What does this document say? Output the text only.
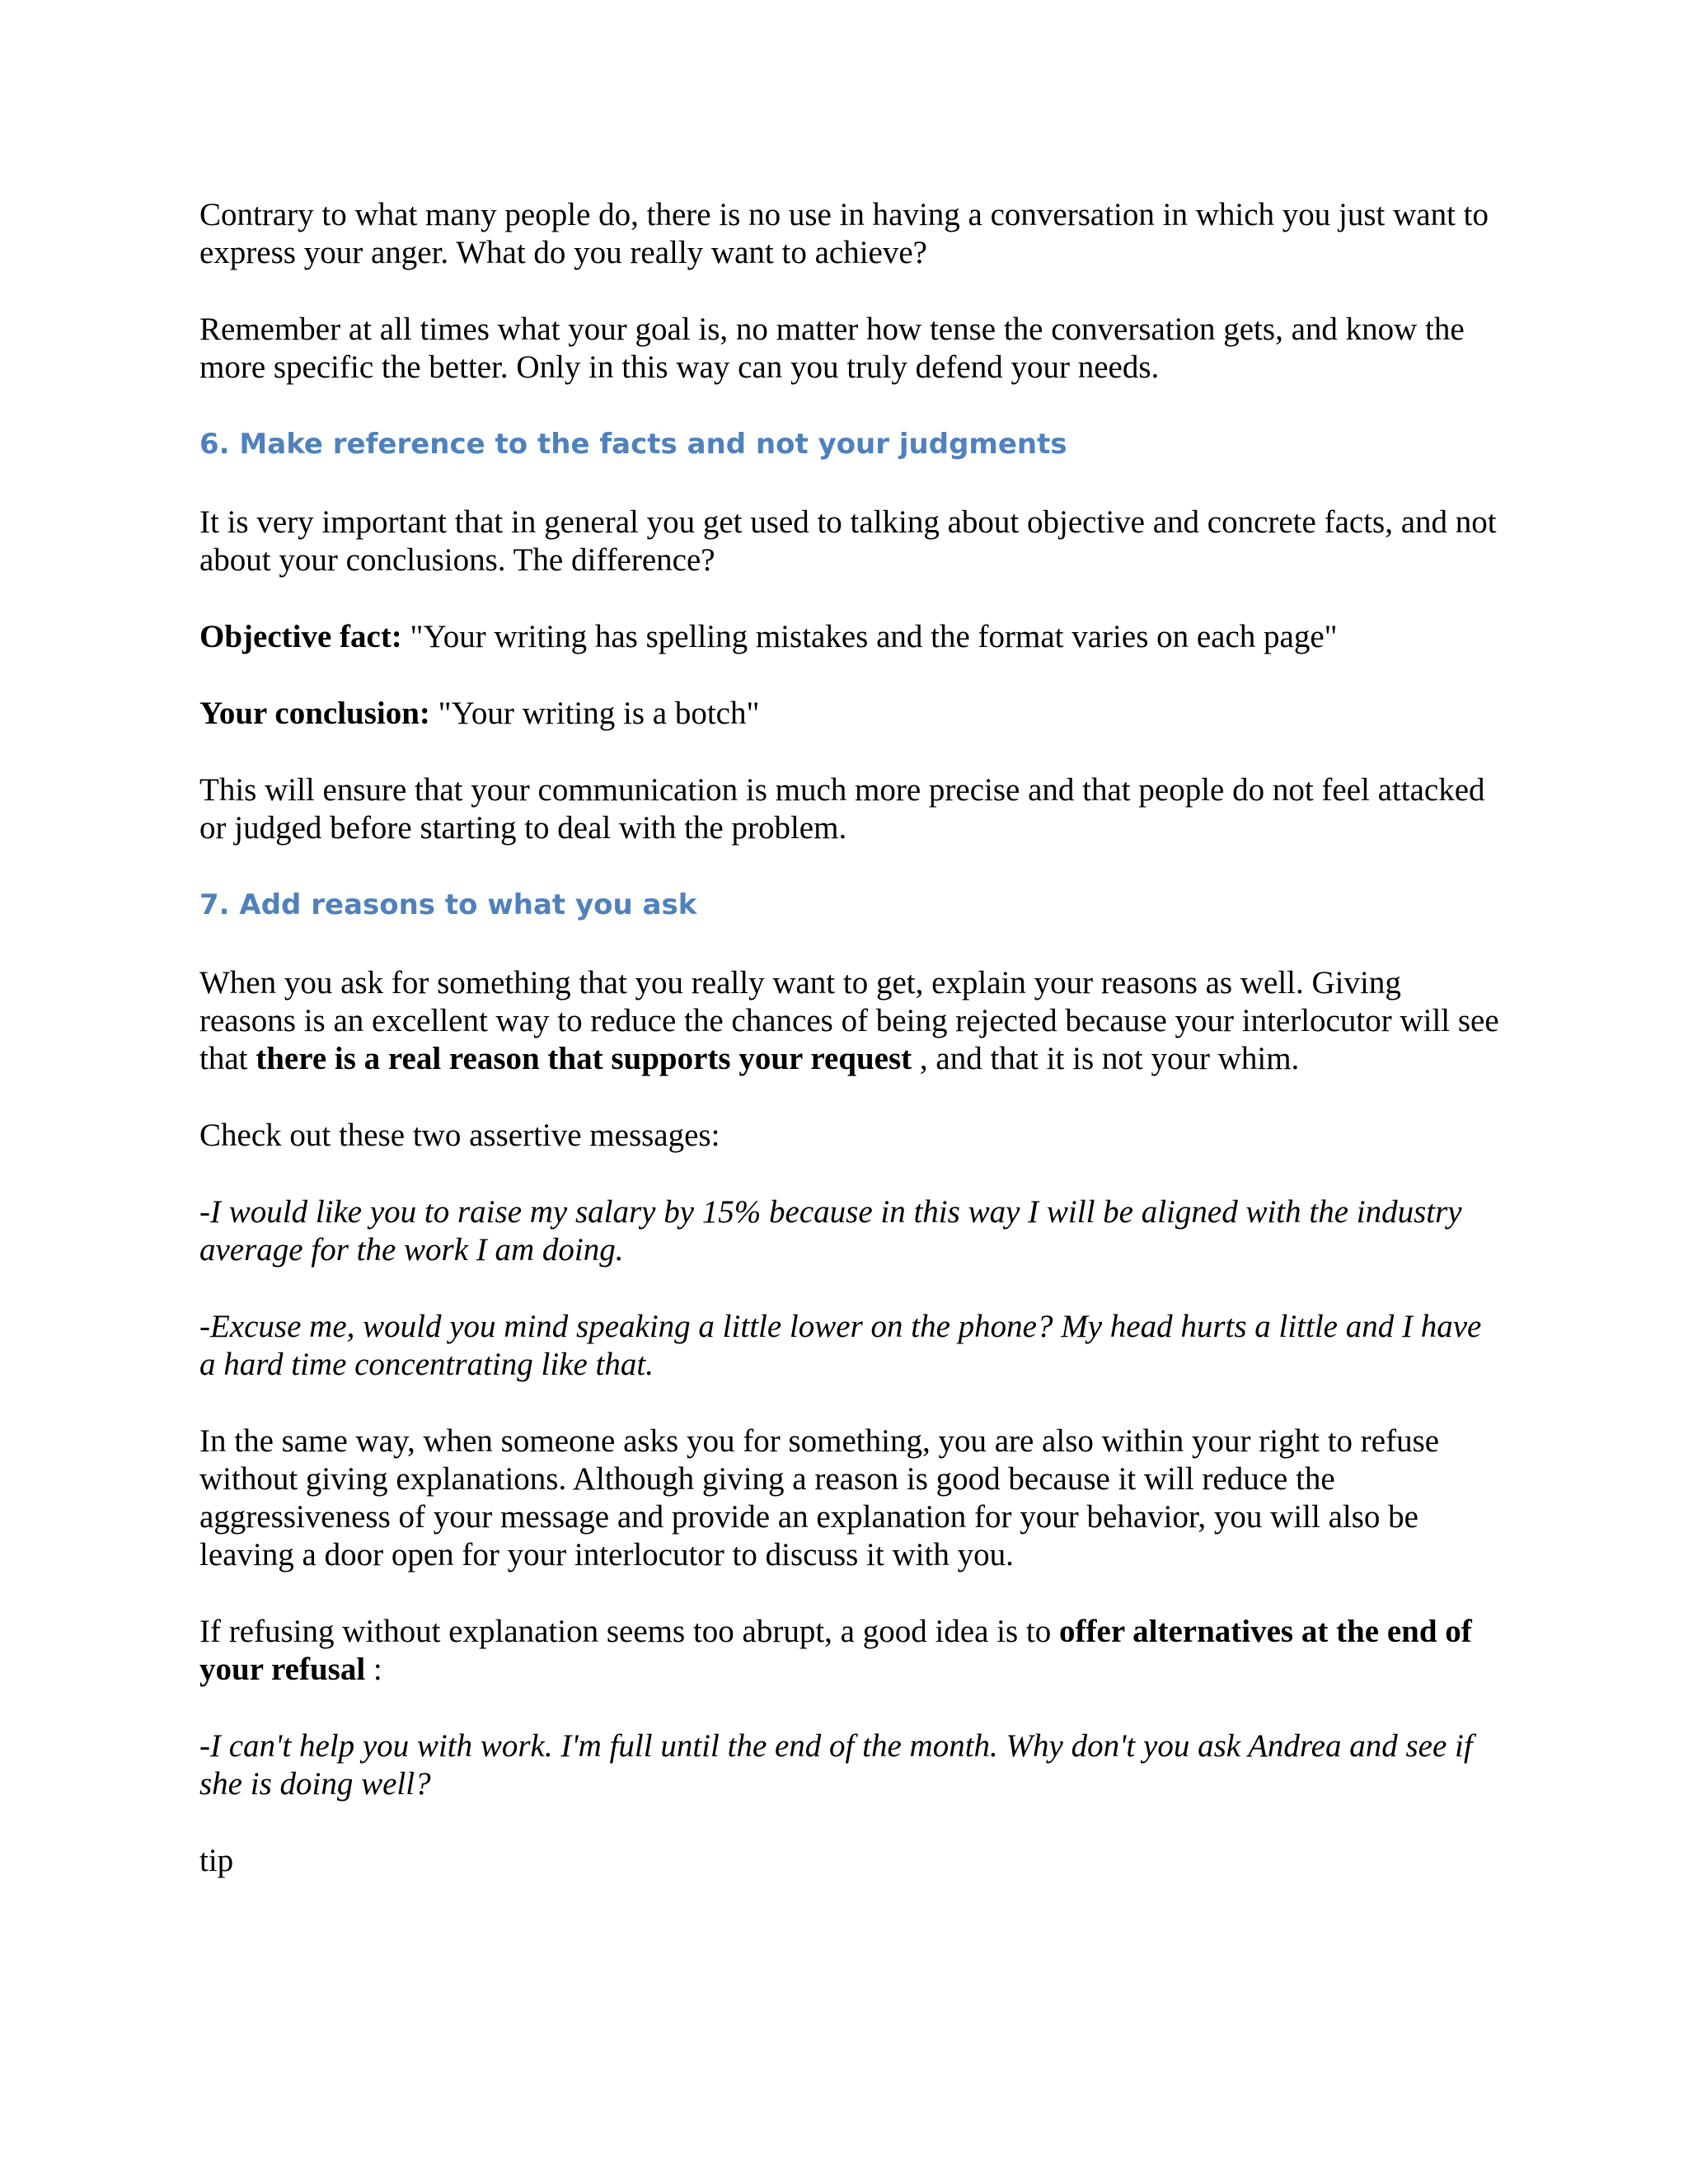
Contrary to what many people do, there is no use in having a conversation in which you just want to express your anger. What do you really want to achieve?

Remember at all times what your goal is, no matter how tense the conversation gets, and know the more specific the better. Only in this way can you truly defend your needs.

6. Make reference to the facts and not your judgments

It is very important that in general you get used to talking about objective and concrete facts, and not about your conclusions. The difference?

Objective fact: "Your writing has spelling mistakes and the format varies on each page"

Your conclusion: "Your writing is a botch"

This will ensure that your communication is much more precise and that people do not feel attacked or judged before starting to deal with the problem.

7. Add reasons to what you ask

When you ask for something that you really want to get, explain your reasons as well. Giving reasons is an excellent way to reduce the chances of being rejected because your interlocutor will see that there is a real reason that supports your request , and that it is not your whim.

Check out these two assertive messages:

-I would like you to raise my salary by 15% because in this way I will be aligned with the industry average for the work I am doing.

-Excuse me, would you mind speaking a little lower on the phone? My head hurts a little and I have a hard time concentrating like that.

In the same way, when someone asks you for something, you are also within your right to refuse without giving explanations. Although giving a reason is good because it will reduce the aggressiveness of your message and provide an explanation for your behavior, you will also be leaving a door open for your interlocutor to discuss it with you.

If refusing without explanation seems too abrupt, a good idea is to offer alternatives at the end of your refusal :

-I can't help you with work. I'm full until the end of the month. Why don't you ask Andrea and see if she is doing well?

tip
